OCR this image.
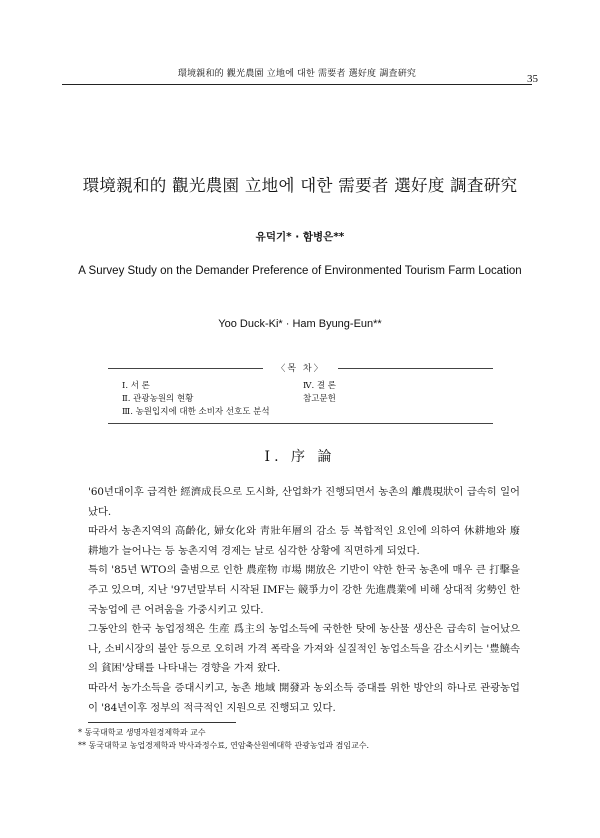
環境親和的 觀光農園 立地에 대한 需要者 選好度 調査硏究	35
環境親和的 觀光農園 立地에 대한 需要者 選好度 調査硏究
유덕기* · 함병은**
A Survey Study on the Demander Preference of Environmented Tourism Farm Location
Yoo Duck-Ki* · Ham Byung-Eun**
〈목 차〉
Ⅰ. 서 론
Ⅱ. 관광농원의 현황
Ⅲ. 농원입지에 대한 소비자 선호도 분석
Ⅳ. 결 론
참고문헌
Ⅰ. 序 論

'60년대이후 급격한 經濟成長으로 도시화, 산업화가 진행되면서 농촌의 離農現狀이 급속히 일어났다.

따라서 농촌지역의 高齡化, 婦女化와 靑壯年層의 감소 등 복합적인 요인에 의하여 休耕地와 廢耕地가 늘어나는 등 농촌지역 경제는 날로 심각한 상황에 직면하게 되었다.

특히 '85년 WTO의 출범으로 인한 農産物 市場 開放은 기반이 약한 한국 농촌에 매우 큰 打擊을 주고 있으며, 지난 '97년말부터 시작된 IMF는 競爭力이 강한 先進農業에 비해 상대적 劣勢인 한국농업에 큰 어려움을 가중시키고 있다.

그동안의 한국 농업정책은 生産 爲主의 농업소득에 국한한 탓에 농산물 생산은 급속히 늘어났으나, 소비시장의 불안 등으로 오히려 가격 폭락을 가져와 실질적인 농업소득을 감소시키는 '豊饒속의 貧困'상태를 나타내는 경향을 가져 왔다.

따라서 농가소득을 증대시키고, 농촌 地域 開發과 농외소득 증대를 위한 방안의 하나로 관광농업이 '84년이후 정부의 적극적인 지원으로 진행되고 있다.

* 동국대학교 생명자원경제학과 교수
** 동국대학교 농업경제학과 박사과정수료, 연암축산원예대학 관광농업과 겸임교수.
